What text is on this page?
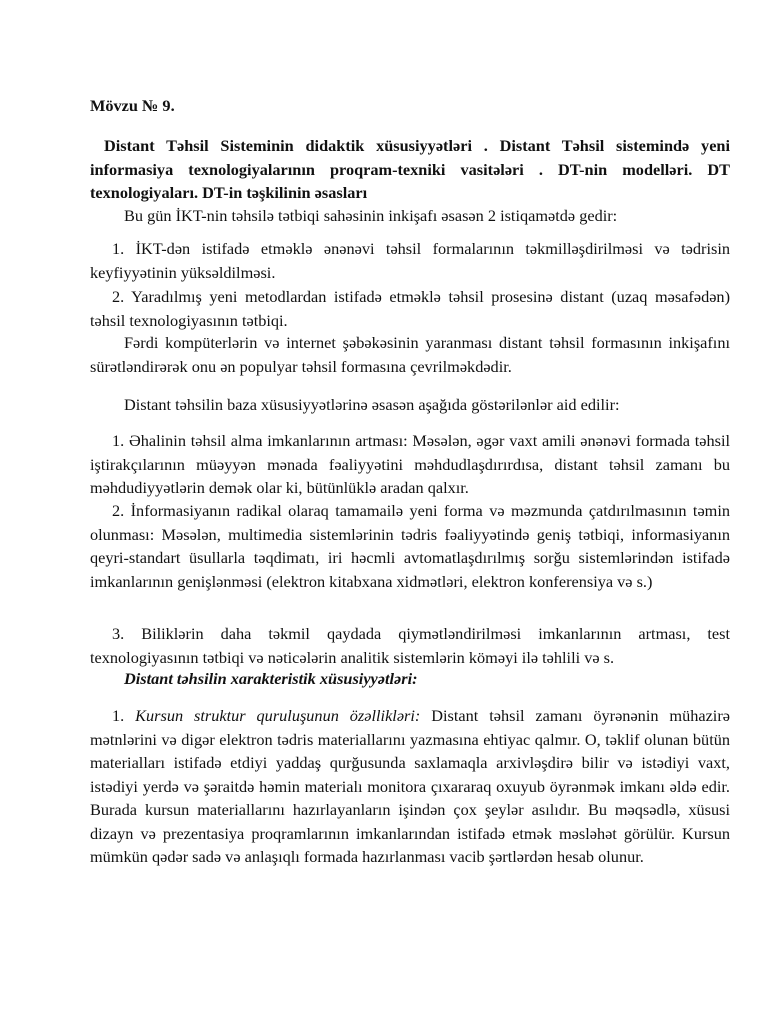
Mövzu № 9.

Distant Təhsil Sisteminin didaktik xüsusiyyətləri . Distant Təhsil sistemində yeni informasiya texnologiyalarının proqram-texniki vasitələri . DT-nin modelləri. DT texnologiyaları. DT-in təşkilinin əsasları

Bu gün İKT-nin təhsilə tətbiqi sahəsinin inkişafı əsasən 2 istiqamətdə gedir:

1. İKT-dən istifadə etməklə ənənəvi təhsil formalarının təkmilləşdirilməsi və tədrisin keyfiyyətinin yüksəldilməsi.

2. Yaradılmış yeni metodlardan istifadə etməklə təhsil prosesinə distant (uzaq məsafədən) təhsil texnologiyasının tətbiqi.

Fərdi kompüterlərin və internet şəbəkəsinin yaranması distant təhsil formasının inkişafını sürətləndirərək onu ən populyar təhsil formasına çevrilməkdədir.

Distant təhsilin baza xüsusiyyətlərinə əsasən aşağıda göstərilənlər aid edilir:

1. Əhalinin təhsil alma imkanlarının artması: Məsələn, əgər vaxt amili ənənəvi formada təhsil iştirakçılarının müəyyən mənada fəaliyyətini məhdudlaşdırırdısa, distant təhsil zamanı bu məhdudiyyətlərin demək olar ki, bütünlüklə aradan qalxır.

2. İnformasiyanın radikal olaraq tamamailə yeni forma və məzmunda çatdırılmasının təmin olunması: Məsələn, multimedia sistemlərinin tədris fəaliyyətində geniş tətbiqi, informasiyanın qeyri-standart üsullarla təqdimatı, iri həcmli avtomatlaşdırılmış sorğu sistemlərindən istifadə imkanlarının genişlənməsi (elektron kitabxana xidmətləri, elektron konferensiya və s.)

3. Biliklərin daha təkmil qaydada qiymətləndirilməsi imkanlarının artması, test texnologiyasının tətbiqi və nəticələrin analitik sistemlərin köməyi ilə təhlili və s.

Distant təhsilin xarakteristik xüsusiyyətləri:

1. Kursun struktur quruluşunun özəllikləri: Distant təhsil zamanı öyrənənin mühazirə mətnlərini və digər elektron tədris materiallarını yazmasına ehtiyac qalmır. O, təklif olunan bütün materialları istifadə etdiyi yaddaş qurğusunda saxlamaqla arxivləşdirə bilir və istədiyi vaxt, istədiyi yerdə və şəraitdə həmin materialı monitora çıxararaq oxuyub öyrənmək imkanı əldə edir. Burada kursun materiallarını hazırlayanların işindən çox şeylər asılıdır. Bu məqsədlə, xüsusi dizayn və prezentasiya proqramlarının imkanlarından istifadə etmək məsləhət görülür. Kursun mümkün qədər sadə və anlaşıqlı formada hazırlanması vacib şərtlərdən hesab olunur.
